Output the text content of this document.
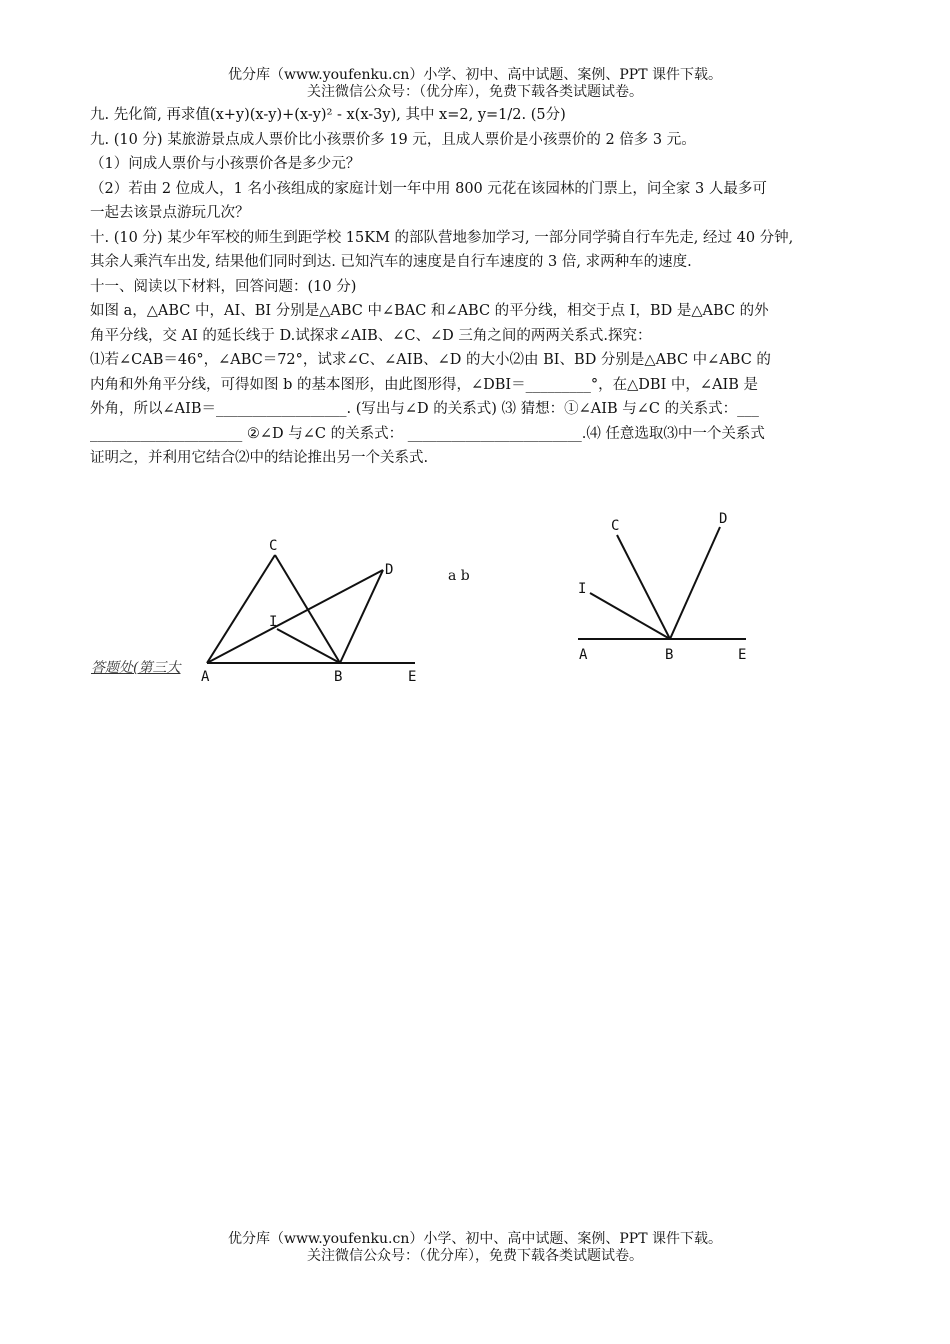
优分库（www.youfenku.cn）小学、初中、高中试题、案例、PPT 课件下载。
关注微信公众号：（优分库），免费下载各类试题试卷。
九. 先化简, 再求值(x+y)(x-y)+(x-y)² - x(x-3y), 其中 x=2, y=1/2. (5分)
九. (10 分) 某旅游景点成人票价比小孩票价多 19 元，且成人票价是小孩票价的 2 倍多 3 元。
（1）问成人票价与小孩票价各是多少元？
（2）若由 2 位成人，1 名小孩组成的家庭计划一年中用 800 元花在该园林的门票上，问全家 3 人最多可
一起去该景点游玩几次？
十. (10 分) 某少年军校的师生到距学校 15KM 的部队营地参加学习, 一部分同学骑自行车先走, 经过 40 分钟,
其余人乘汽车出发, 结果他们同时到达. 已知汽车的速度是自行车速度的 3 倍, 求两种车的速度.
十一、阅读以下材料，回答问题：(10 分)
如图 a，△ABC 中，AI、BI 分别是△ABC 中∠BAC 和∠ABC 的平分线，相交于点 I，BD 是△ABC 的外
角平分线，交 AI 的延长线于 D.试探求∠AIB、∠C、∠D 三角之间的两两关系式.探究：
⑴若∠CAB＝46°，∠ABC＝72°，试求∠C、∠AIB、∠D 的大小⑵由 BI、BD 分别是△ABC 中∠ABC 的
内角和外角平分线，可得如图 b 的基本图形，由此图形得，∠DBI＝_________°，在△DBI 中，∠AIB 是
外角，所以∠AIB＝__________________. (写出与∠D 的关系式) ⑶ 猜想：①∠AIB 与∠C 的关系式：___
_____________________ ②∠D 与∠C 的关系式： ________________________.⑷ 任意选取⑶中一个关系式
证明之，并利用它结合⑵中的结论推出另一个关系式.
答题处(第三大
a b
A	B	E
C
D
I
A	B	E
C	D
I
优分库（www.youfenku.cn）小学、初中、高中试题、案例、PPT 课件下载。
关注微信公众号：（优分库），免费下载各类试题试卷。
